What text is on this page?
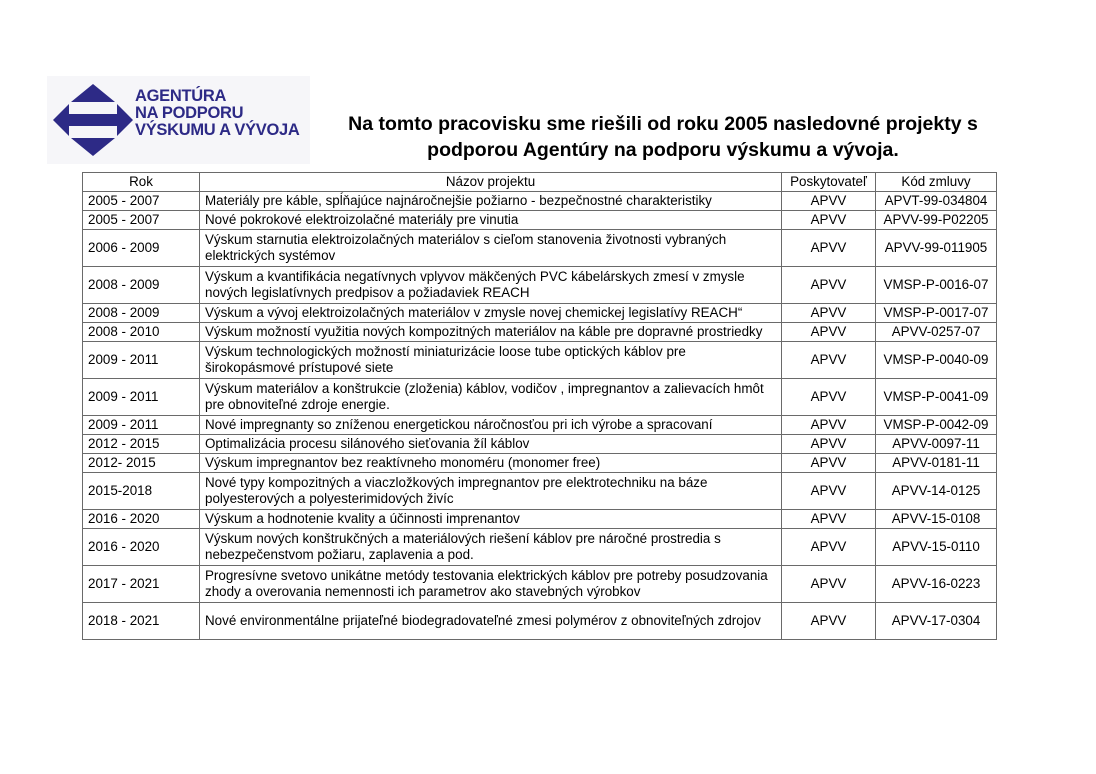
AGENTÚRA
NA PODPORU
VÝSKUMU A VÝVOJA	Na tomto pracovisku sme riešili od roku 2005 nasledovné projekty s
podporou Agentúry na podporu výskumu a vývoja.
Rok	Názov projektu	Poskytovateľ	Kód zmluvy
2005 - 2007	Materiály pre káble, spĺňajúce najnáročnejšie požiarno - bezpečnostné charakteristiky	APVV	APVT-99-034804
2005 - 2007	Nové pokrokové elektroizolačné materiály pre vinutia	APVV	APVV-99-P02205
2006 - 2009	Výskum starnutia elektroizolačných materiálov s cieľom stanovenia životnosti vybraných elektrických systémov	APVV	APVV-99-011905
2008 - 2009	Výskum a kvantifikácia negatívnych vplyvov mäkčených PVC kábelárskych zmesí v zmysle nových legislatívnych predpisov a požiadaviek REACH	APVV	VMSP-P-0016-07
2008 - 2009	Výskum a vývoj elektroizolačných materiálov v zmysle novej chemickej legislatívy REACH“	APVV	VMSP-P-0017-07
2008 - 2010	Výskum možností využitia nových kompozitných materiálov na káble pre dopravné prostriedky	APVV	APVV-0257-07
2009 - 2011	Výskum technologických možností miniaturizácie loose tube optických káblov pre širokopásmové prístupové siete	APVV	VMSP-P-0040-09
2009 - 2011	Výskum materiálov a konštrukcie (zloženia) káblov, vodičov , impregnantov a zalievacích hmôt pre obnoviteľné zdroje energie.	APVV	VMSP-P-0041-09
2009 - 2011	Nové impregnanty so zníženou energetickou náročnosťou pri ich výrobe a spracovaní	APVV	VMSP-P-0042-09
2012 - 2015	Optimalizácia procesu silánového sieťovania žíl káblov	APVV	APVV-0097-11
2012- 2015	Výskum impregnantov bez reaktívneho monoméru (monomer free)	APVV	APVV-0181-11
2015-2018	Nové typy kompozitných a viaczložkových impregnantov pre elektrotechniku na báze polyesterových a polyesterimidových živíc	APVV	APVV-14-0125
2016 - 2020	Výskum a hodnotenie kvality a účinnosti imprenantov	APVV	APVV-15-0108
2016 - 2020	Výskum nových konštrukčných a materiálových riešení káblov pre náročné prostredia s nebezpečenstvom požiaru, zaplavenia a pod.	APVV	APVV-15-0110
2017 - 2021	Progresívne svetovo unikátne metódy testovania elektrických káblov pre potreby posudzovania zhody a overovania nemennosti ich parametrov ako stavebných výrobkov	APVV	APVV-16-0223
2018 - 2021	Nové environmentálne prijateľné biodegradovateľné zmesi polymérov z obnoviteľných zdrojov	APVV	APVV-17-0304
